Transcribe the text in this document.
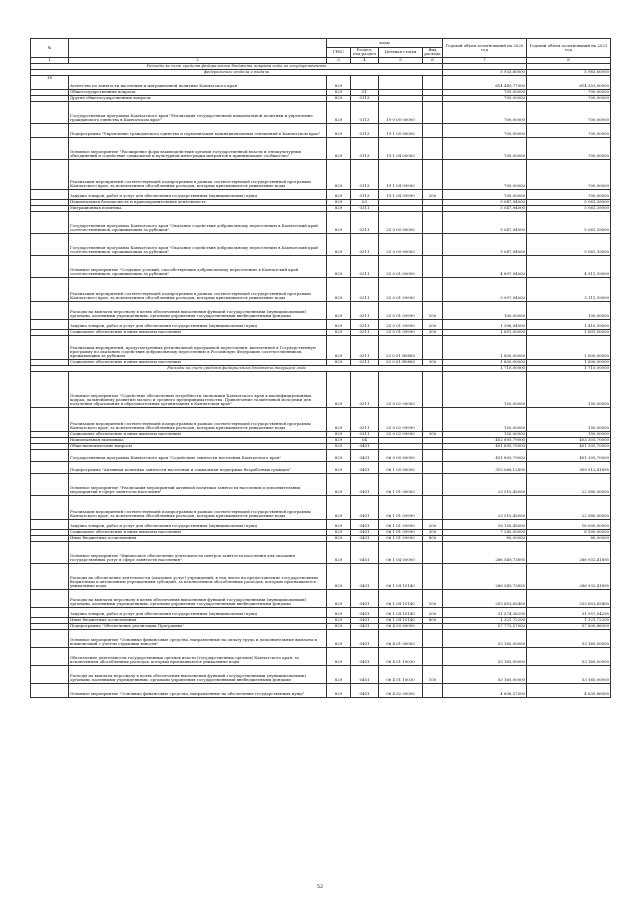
№		коды				Годовой объем ассигнований на 2020 год	Годовой объем ассигнований на 2021 год
		ГРБС	Раздел, под-раздел	Целевая статья	Вид расхода		
1	2	3	4	5	6	7	8
Расходы за счет средств федерального бюджета покрыва годы из государственных							
федерального отдела о выдачи						5 933,60000	5 983,60000
18	Агентство по занятости населения и миграционной политике Камчатского края	829				614 449,77000	614 553,00000
	Общегосударственные вопросы	829	01			700,00000	700,00000
	Другие общегосударственные вопросы	829	0113			700,00000	700,00000
	Государственная программа Камчатского края "Реализация государственной национальной политики и укрепление гражданского единства в Камчатском крае"	829	0113	19 0 00 00000		700,00000	700,00000
	Подпрограмма "Укрепление гражданского единства и гармонизация межнациональных отношений в Камчатском крае"	829	0113	19 1 00 00000		700,00000	700,00000
	Основное мероприятие "Расширение форм взаимодействия органов государственной власти и этнокультурных объединений и содействие социальной и культурной интеграции мигрантов в принимающее сообщество"	829	0113	19 1 04 00000		700,00000	700,00000
	Реализация мероприятий соответствующей подпрограммы в рамках соответствующей государственной программы Камчатского края, за исключением обособленных расходов, которым присваиваются уникальные коды	829	0113	19 1 04 09990		700,00000	700,00000
	Закупка товаров, работ и услуг для обеспечения государственных (муниципальных) нужд	829	0113	19 1 04 09990	200	700,00000	700,00000
	Национальная безопасность и правоохранительная деятельность	829	03			5 047,94000	5 061,39000
	Миграционная политика	829	0311			5 047,94000	5 061,39000
	Государственная программа Камчатского края "Оказание содействия добровольному переселению в Камчатский край соотечественников, проживающих за рубежом"	829	0311	25 0 00 00000		5 047,94000	5 061,39000
	Государственная программа Камчатского края "Оказание содействия добровольному переселению в Камчатский край соотечественников, проживающих за рубежом"	829	0311	25 0 00 00000		5 047,94000	5 061,39000
	Основное мероприятие "Создание условий, способствующих добровольному переселению в Камчатский край соотечественников, проживающих за рубежом"	829	0311	25 0 01 00000		4 897,94000	4 911,39000
	Реализация мероприятий соответствующей подпрограммы в рамках соответствующей государственной программы Камчатского края, за исключением обособленных расходов, которым присваиваются уникальные коды	829	0311	25 0 01 09990		3 097,94000	3 111,39000
	Расходы на выплаты персоналу в целях обеспечения выполнения функций государственными (муниципальными) органами, казенными учреждениями, органами управления государственными внебюджетными фондами	829	0311	25 0 01 09990	100	100,00000	100,00000
	Закупка товаров, работ и услуг для обеспечения государственных (муниципальных) нужд	829	0311	25 0 01 09990	200	1 396,94000	1 410,39000
	Социальное обеспечение и иные выплаты населению	829	0311	25 0 01 09990	300	1 601,00000	1 601,00000
	Реализация мероприятий, предусмотренных региональной программой переселения, включенной в Государственную программу по оказанию содействия добровольному переселению в Российскую Федерацию соотечественников, проживающих за рубежом	829	0311	25 0 01 R0860		1 800,00000	1 800,00000
	Социальное обеспечение и иные выплаты населению	829	0311	25 0 01 R0860	300	1 800,00000	1 800,00000
Расходы за счет средств федерального бюджета текущего года						1 710,00000	1 710,00000
	Основное мероприятие "Содействие обеспечению потребности экономики Камчатского края в квалифицированных кадрах, дальнейшему развитию малого и среднего предпринимательства. Привлечение талантливой молодежи для получения образования в образовательных организациях в Камчатском крае"	829	0311	25 0 02 00000		150,00000	150,00000
	Реализация мероприятий соответствующей подпрограммы в рамках соответствующей государственной программы Камчатского края, за исключением обособленных расходов, которым присваиваются уникальные коды	829	0311	25 0 02 09990		150,00000	150,00000
	Социальное обеспечение и иные выплаты населению	829	0311	25 0 02 09990	300	150,00000	150,00000
	Национальная экономика	829	04			402 895,79000	403 305,70000
	Общеэкономические вопросы	829	0401			401 895,79000	401 305,70000
	Государственная программа Камчатского края "Содействие занятости населения Камчатского края"	829	0401	06 0 00 00000		401 895,79000	401 305,70000
	Подпрограмма "Активная политика занятости населения и социальная поддержка безработных граждан"	829	0401	06 1 00 00000		310 068,12895	309 512,41895
	Основное мероприятие "Реализация мероприятий активной политики занятости населения и дополнительных мероприятий в сфере занятости населения"	829	0401	06 1 01 00000		23 510,45000	22 580,00000
	Реализация мероприятий соответствующей подпрограммы в рамках соответствующей государственной программы Камчатского края, за исключением обособленных расходов, которым присваиваются уникальные коды	829	0401	06 1 01 09990		23 510,45000	22 580,00000
	Закупка товаров, работ и услуг для обеспечения государственных (муниципальных) нужд	829	0401	06 1 01 09990	200	16 150,45000	16 000,00000
	Социальное обеспечение и иные выплаты населению	829	0401	06 1 01 09990	300	7 280,00000	6 500,00000
	Иные бюджетные ассигнования	829	0401	06 1 01 09990	800	80,00000	80,00000
	Основное мероприятие "Финансовое обеспечение деятельности центров занятости населения для оказания государственных услуг в сфере занятости населения"	829	0401	06 1 04 00000		286 549,73895	286 932,41895
	Расходы на обеспечение деятельности (оказание услуг) учреждений, в том числе на предоставление государственным бюджетным и автономным учреждениям субсидий, за исключением обособленных расходов, которым присваиваются уникальные коды	829	0401	06 1 04 10140		286 549,73895	286 932,41895
	Расходы на выплаты персоналу в целях обеспечения выполнения функций государственными (муниципальными) органами, казенными учреждениями, органами управления государственными внебюджетными фондами	829	0401	06 1 04 10140	100	253 653,65400	253 653,65400
	Закупка товаров, работ и услуг для обеспечения государственных (муниципальных) нужд	829	0401	06 1 04 10140	200	31 574,36295	31 957,04295
	Иные бюджетные ассигнования	829	0401	06 1 04 10140	800	1 321,72200	1 321,72200
	Подпрограмма "Обеспечение реализации Программы"	829	0401	06 4 00 00000		57 773,57000	57 800,86000
	Основное мероприятие "Основные финансовые средства, направленные на оплату труда и дополнительные выплаты и компенсаций с учетом страховых взносов"	829	0401	06 4 01 00000		53 165,00000	53 165,00000
	Обеспечение деятельности государственных органов власти (государственных органов) Камчатского края, за исключением обособленных расходов, которым присваиваются уникальные коды	829	0401	06 4 01 10030		53 165,00000	53 165,00000
	Расходы на выплаты персоналу в целях обеспечения выполнения функций государственными (муниципальными) органами, казенными учреждениями, органами управления государственными внебюджетными фондами	829	0401	06 4 01 10030	100	53 165,00000	53 165,00000
	Основное мероприятие "Основные финансовые средства, направленные на обеспечение государственных нужд"	829	0401	06 4 02 00000		4 608,57000	4 635,86000
52
